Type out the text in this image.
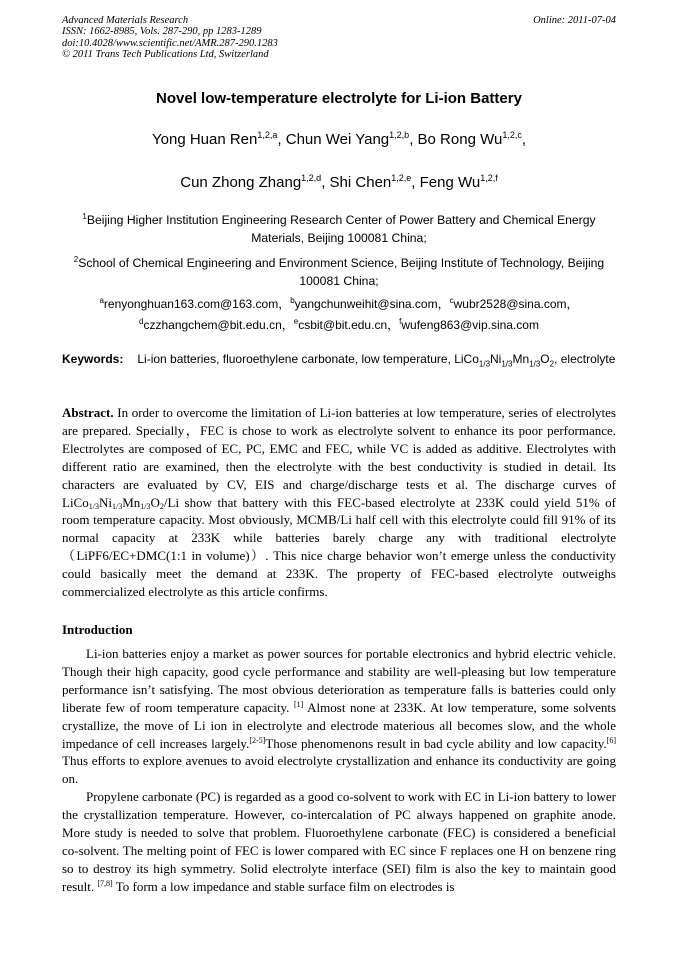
Advanced Materials Research
ISSN: 1662-8985, Vols. 287-290, pp 1283-1289
doi:10.4028/www.scientific.net/AMR.287-290.1283
© 2011 Trans Tech Publications Ltd, Switzerland
Online: 2011-07-04
Novel low-temperature electrolyte for Li-ion Battery
Yong Huan Ren$^{1,2,a}$, Chun Wei Yang$^{1,2,b}$, Bo Rong Wu$^{1,2,c}$,
Cun Zhong Zhang$^{1,2,d}$, Shi Chen$^{1,2,e}$, Feng Wu$^{1,2,f}$
$^1$Beijing Higher Institution Engineering Research Center of Power Battery and Chemical Energy Materials, Beijing 100081 China;
$^2$School of Chemical Engineering and Environment Science, Beijing Institute of Technology, Beijing 100081 China;
$^a$renyonghuan163.com@163.com，$^b$yangchunweihit@sina.com，$^c$wubr2528@sina.com，
$^d$czzhangchem@bit.edu.cn，$^e$csbit@bit.edu.cn，$^f$wufeng863@vip.sina.com
Keywords: Li-ion batteries, fluoroethylene carbonate, low temperature, $LiCo_{1/3}Ni_{1/3}Mn_{1/3}O_2$, electrolyte
Abstract. In order to overcome the limitation of Li-ion batteries at low temperature, series of electrolytes are prepared. Specially，FEC is chose to work as electrolyte solvent to enhance its poor performance. Electrolytes are composed of EC, PC, EMC and FEC, while VC is added as additive. Electrolytes with different ratio are examined, then the electrolyte with the best conductivity is studied in detail. Its characters are evaluated by CV, EIS and charge/discharge tests et al. The discharge curves of $LiCo_{1/3}Ni_{1/3}Mn_{1/3}O_2/Li$ show that battery with this FEC-based electrolyte at 233K could yield 51% of room temperature capacity. Most obviously, MCMB/Li half cell with this electrolyte could fill 91% of its normal capacity at 233K while batteries barely charge any with traditional electrolyte（LiPF6/EC+DMC(1:1 in volume)）. This nice charge behavior won’t emerge unless the conductivity could basically meet the demand at 233K. The property of FEC-based electrolyte outweighs commercialized electrolyte as this article confirms.
Introduction

Li-ion batteries enjoy a market as power sources for portable electronics and hybrid electric vehicle. Though their high capacity, good cycle performance and stability are well-pleasing but low temperature performance isn’t satisfying. The most obvious deterioration as temperature falls is batteries could only liberate few of room temperature capacity. [1] Almost none at 233K. At low temperature, some solvents crystallize, the move of Li ion in electrolyte and electrode materious all becomes slow, and the whole impedance of cell increases largely.[2-5]Those phenomenons result in bad cycle ability and low capacity.[6] Thus efforts to explore avenues to avoid electrolyte crystallization and enhance its conductivity are going on.

Propylene carbonate (PC) is regarded as a good co-solvent to work with EC in Li-ion battery to lower the crystallization temperature. However, co-intercalation of PC always happened on graphite anode. More study is needed to solve that problem. Fluoroethylene carbonate (FEC) is considered a beneficial co-solvent. The melting point of FEC is lower compared with EC since F replaces one H on benzene ring so to destroy its high symmetry. Solid electrolyte interface (SEI) film is also the key to maintain good result. [7,8] To form a low impedance and stable surface film on electrodes is
